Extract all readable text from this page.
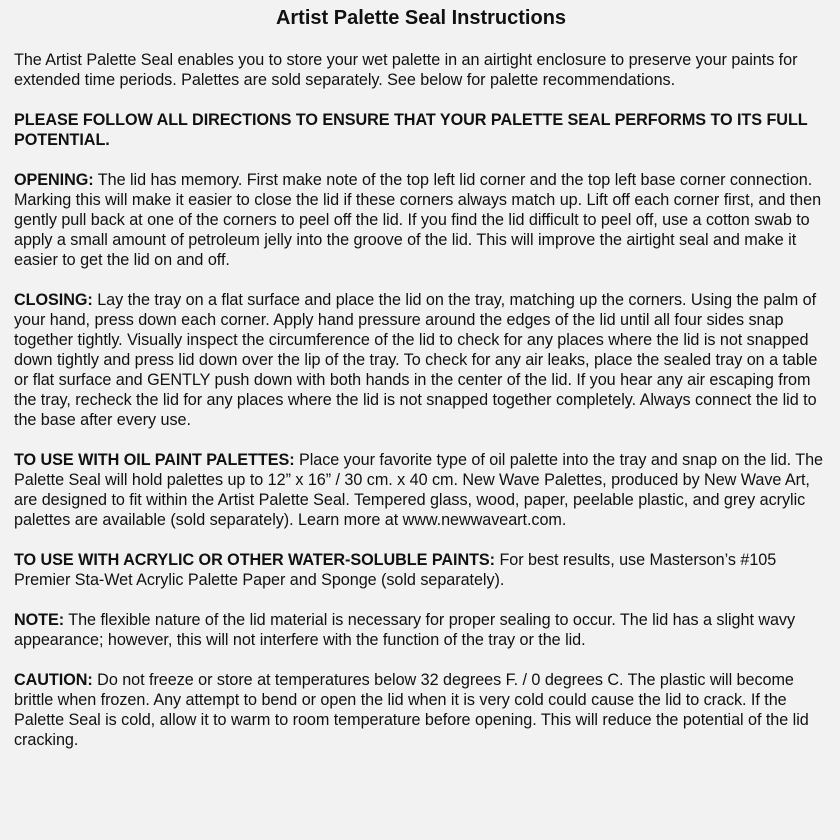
Artist Palette Seal Instructions

The Artist Palette Seal enables you to store your wet palette in an airtight enclosure to preserve your paints for extended time periods. Palettes are sold separately. See below for palette recommendations.

PLEASE FOLLOW ALL DIRECTIONS TO ENSURE THAT YOUR PALETTE SEAL PERFORMS TO ITS FULL POTENTIAL.

OPENING: The lid has memory. First make note of the top left lid corner and the top left base corner connection. Marking this will make it easier to close the lid if these corners always match up. Lift off each corner first, and then gently pull back at one of the corners to peel off the lid. If you find the lid difficult to peel off, use a cotton swab to apply a small amount of petroleum jelly into the groove of the lid. This will improve the airtight seal and make it easier to get the lid on and off.

CLOSING: Lay the tray on a flat surface and place the lid on the tray, matching up the corners. Using the palm of your hand, press down each corner. Apply hand pressure around the edges of the lid until all four sides snap together tightly. Visually inspect the circumference of the lid to check for any places where the lid is not snapped down tightly and press lid down over the lip of the tray. To check for any air leaks, place the sealed tray on a table or flat surface and GENTLY push down with both hands in the center of the lid. If you hear any air escaping from the tray, recheck the lid for any places where the lid is not snapped together completely. Always connect the lid to the base after every use.

TO USE WITH OIL PAINT PALETTES: Place your favorite type of oil palette into the tray and snap on the lid. The Palette Seal will hold palettes up to 12” x 16” / 30 cm. x 40 cm. New Wave Palettes, produced by New Wave Art, are designed to fit within the Artist Palette Seal. Tempered glass, wood, paper, peelable plastic, and grey acrylic palettes are available (sold separately). Learn more at www.newwaveart.com.

TO USE WITH ACRYLIC OR OTHER WATER-SOLUBLE PAINTS: For best results, use Masterson’s #105 Premier Sta-Wet Acrylic Palette Paper and Sponge (sold separately).

NOTE: The flexible nature of the lid material is necessary for proper sealing to occur. The lid has a slight wavy appearance; however, this will not interfere with the function of the tray or the lid.

CAUTION: Do not freeze or store at temperatures below 32 degrees F. / 0 degrees C. The plastic will become brittle when frozen. Any attempt to bend or open the lid when it is very cold could cause the lid to crack. If the Palette Seal is cold, allow it to warm to room temperature before opening. This will reduce the potential of the lid cracking.
